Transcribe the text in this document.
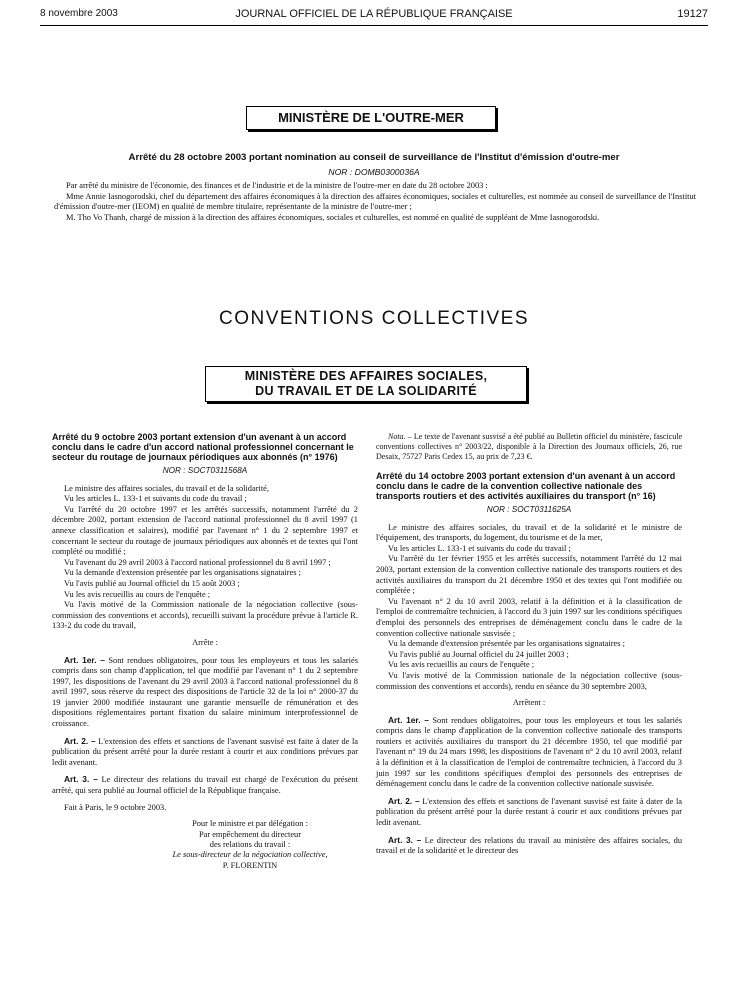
8 novembre 2003	JOURNAL OFFICIEL DE LA RÉPUBLIQUE FRANÇAISE	19127
MINISTÈRE DE L'OUTRE-MER
Arrêté du 28 octobre 2003 portant nomination au conseil de surveillance de l'Institut d'émission d'outre-mer
NOR : DOMB0300036A

Par arrêté du ministre de l'économie, des finances et de l'industrie et de la ministre de l'outre-mer en date du 28 octobre 2003 :

Mme Annie Iasnogorodski, chef du département des affaires économiques à la direction des affaires économiques, sociales et culturelles, est nommée au conseil de surveillance de l'Institut d'émission d'outre-mer (IEOM) en qualité de membre titulaire, représentante de la ministre de l'outre-mer ;

M. Tho Vo Thanh, chargé de mission à la direction des affaires économiques, sociales et culturelles, est nommé en qualité de suppléant de Mme Iasnogorodski.

CONVENTIONS COLLECTIVES
MINISTÈRE DES AFFAIRES SOCIALES,
DU TRAVAIL ET DE LA SOLIDARITÉ

Arrêté du 9 octobre 2003 portant extension d'un avenant à un accord conclu dans le cadre d'un accord national professionnel concernant le secteur du routage de journaux périodiques aux abonnés (n° 1976)

NOR : SOCT0311568A

Le ministre des affaires sociales, du travail et de la solidarité,

Vu les articles L. 133-1 et suivants du code du travail ;

Vu l'arrêté du 20 octobre 1997 et les arrêtés successifs, notamment l'arrêté du 2 décembre 2002, portant extension de l'accord national professionnel du 8 avril 1997 (1 annexe classification et salaires), modifié par l'avenant n° 1 du 2 septembre 1997 et concernant le secteur du routage de journaux périodiques aux abonnés et de textes qui l'ont complété ou modifié ;

Vu l'avenant du 29 avril 2003 à l'accord national professionnel du 8 avril 1997 ;

Vu la demande d'extension présentée par les organisations signataires ;

Vu l'avis publié au Journal officiel du 15 août 2003 ;

Vu les avis recueillis au cours de l'enquête ;

Vu l'avis motivé de la Commission nationale de la négociation collective (sous-commission des conventions et accords), recueilli suivant la procédure prévue à l'article R. 133-2 du code du travail,

Arrête :

Art. 1er. – Sont rendues obligatoires, pour tous les employeurs et tous les salariés compris dans son champ d'application, tel que modifié par l'avenant n° 1 du 2 septembre 1997, les dispositions de l'avenant du 29 avril 2003 à l'accord national professionnel du 8 avril 1997, sous réserve du respect des dispositions de l'article 32 de la loi n° 2000-37 du 19 janvier 2000 modifiée instaurant une garantie mensuelle de rémunération et des dispositions réglementaires portant fixation du salaire minimum interprofessionnel de croissance.

Art. 2. – L'extension des effets et sanctions de l'avenant susvisé est faite à dater de la publication du présent arrêté pour la durée restant à courir et aux conditions prévues par ledit avenant.

Art. 3. – Le directeur des relations du travail est chargé de l'exécution du présent arrêté, qui sera publié au Journal officiel de la République française.

Fait à Paris, le 9 octobre 2003.

Pour le ministre et par délégation :
Par empêchement du directeur
des relations du travail :
Le sous-directeur de la négociation collective,
P. FLORENTIN

Nota. – Le texte de l'avenant susvisé a été publié au Bulletin officiel du ministère, fascicule conventions collectives n° 2003/22, disponible à la Direction des Journaux officiels, 26, rue Desaix, 75727 Paris Cedex 15, au prix de 7,23 €.

Arrêté du 14 octobre 2003 portant extension d'un avenant à un accord conclu dans le cadre de la convention collective nationale des transports routiers et des activités auxiliaires du transport (n° 16)

NOR : SOCT0311625A

Le ministre des affaires sociales, du travail et de la solidarité et le ministre de l'équipement, des transports, du logement, du tourisme et de la mer,

Vu les articles L. 133-1 et suivants du code du travail ;

Vu l'arrêté du 1er février 1955 et les arrêtés successifs, notamment l'arrêté du 12 mai 2003, portant extension de la convention collective nationale des transports routiers et des activités auxiliaires du transport du 21 décembre 1950 et des textes qui l'ont modifiée ou complétée ;

Vu l'avenant n° 2 du 10 avril 2003, relatif à la définition et à la classification de l'emploi de contremaître technicien, à l'accord du 3 juin 1997 sur les conditions spécifiques d'emploi des personnels des entreprises de déménagement conclu dans le cadre de la convention collective nationale susvisée ;

Vu la demande d'extension présentée par les organisations signataires ;

Vu l'avis publié au Journal officiel du 24 juillet 2003 ;

Vu les avis recueillis au cours de l'enquête ;

Vu l'avis motivé de la Commission nationale de la négociation collective (sous-commission des conventions et accords), rendu en séance du 30 septembre 2003,

Arrêtent :

Art. 1er. – Sont rendues obligatoires, pour tous les employeurs et tous les salariés compris dans le champ d'application de la convention collective nationale des transports routiers et activités auxiliaires du transport du 21 décembre 1950, tel que modifié par l'avenant n° 19 du 24 mars 1998, les dispositions de l'avenant n° 2 du 10 avril 2003, relatif à la définition et à la classification de l'emploi de contremaître technicien, à l'accord du 3 juin 1997 sur les conditions spécifiques d'emploi des personnels des entreprises de déménagement conclu dans le cadre de la convention collective nationale susvisée.

Art. 2. – L'extension des effets et sanctions de l'avenant susvisé est faite à dater de la publication du présent arrêté pour la durée restant à courir et aux conditions prévues par ledit avenant.

Art. 3. – Le directeur des relations du travail au ministère des affaires sociales, du travail et de la solidarité et le directeur des
